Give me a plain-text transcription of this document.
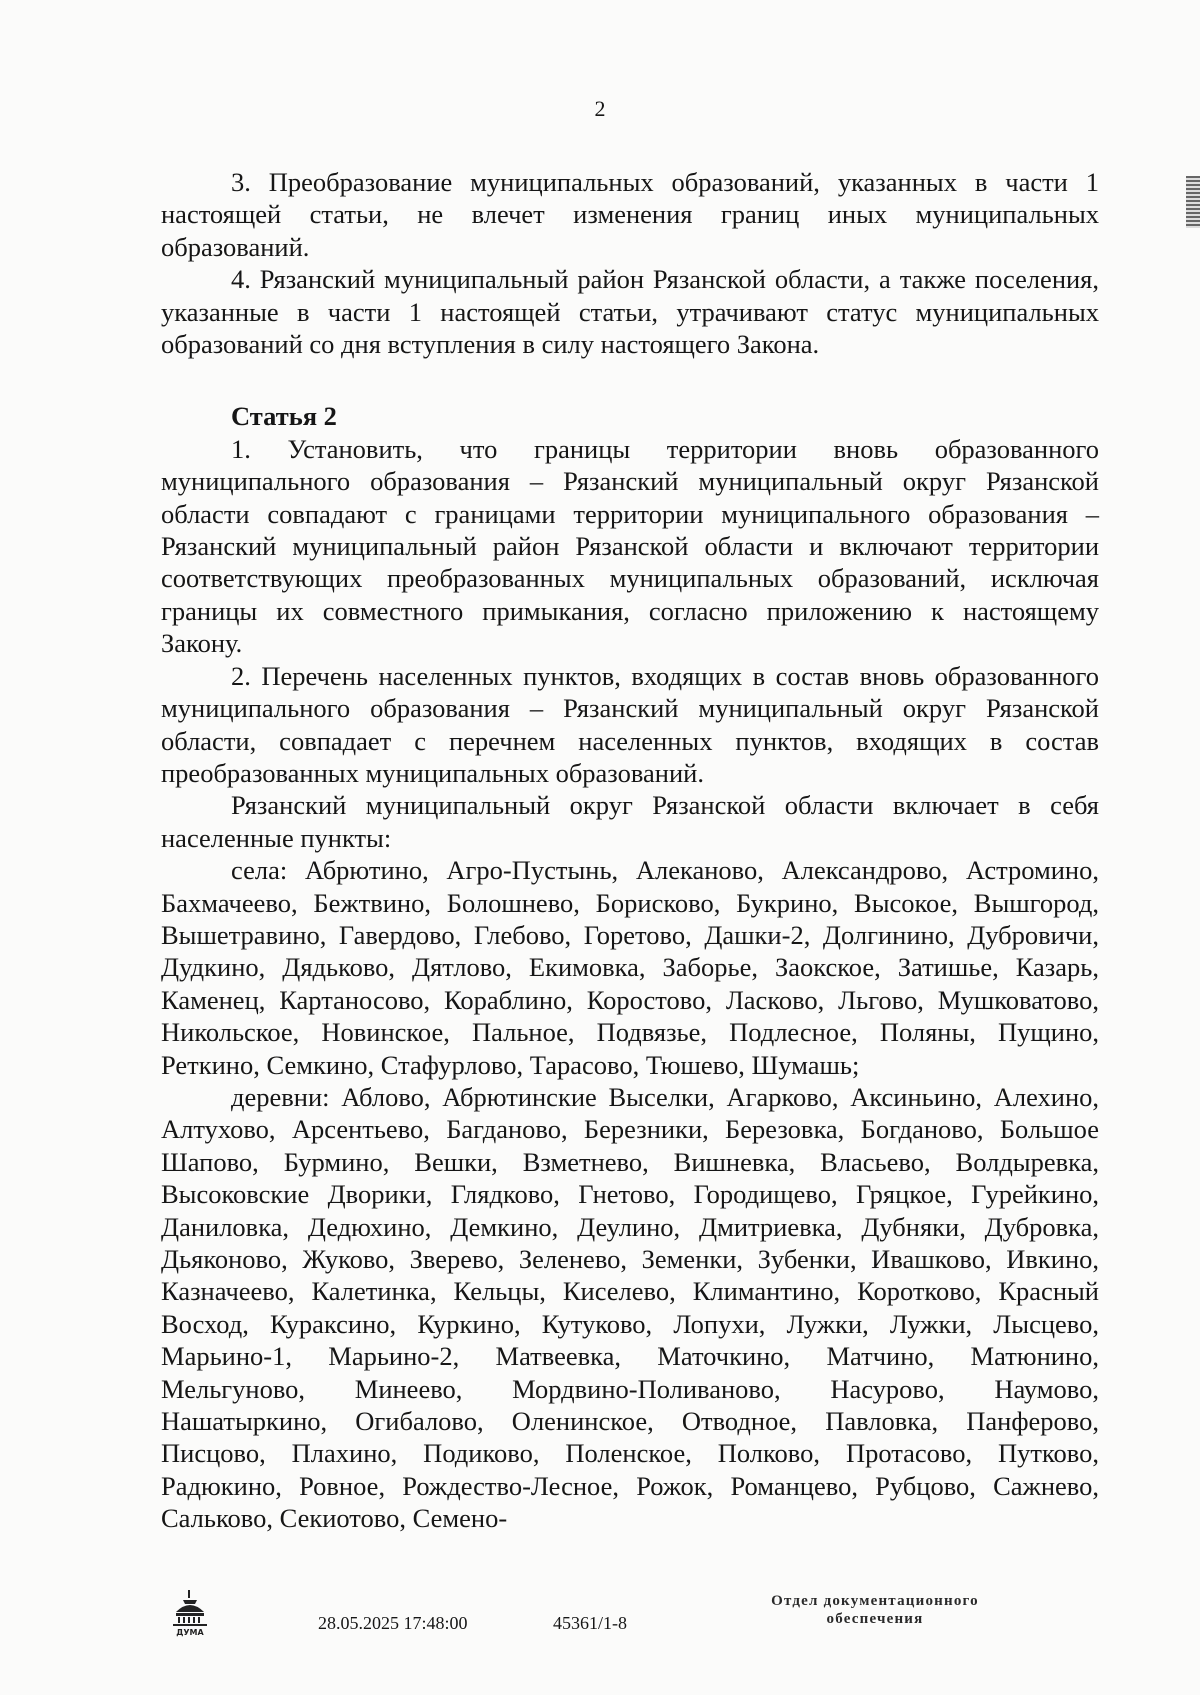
2

3. Преобразование муниципальных образований, указанных в части 1 настоящей статьи, не влечет изменения границ иных муниципальных образований.

4. Рязанский муниципальный район Рязанской области, а также поселения, указанные в части 1 настоящей статьи, утрачивают статус муниципальных образований со дня вступления в силу настоящего Закона.

Статья 2

1. Установить, что границы территории вновь образованного муниципального образования – Рязанский муниципальный округ Рязанской области совпадают с границами территории муниципального образования – Рязанский муниципальный район Рязанской области и включают территории соответствующих преобразованных муниципальных образований, исключая границы их совместного примыкания, согласно приложению к настоящему Закону.

2. Перечень населенных пунктов, входящих в состав вновь образованного муниципального образования – Рязанский муниципальный округ Рязанской области, совпадает с перечнем населенных пунктов, входящих в состав преобразованных муниципальных образований.

Рязанский муниципальный округ Рязанской области включает в себя населенные пункты:

села: Абрютино, Агро-Пустынь, Алеканово, Александрово, Астромино, Бахмачеево, Бежтвино, Болошнево, Борисково, Букрино, Высокое, Вышгород, Вышетравино, Гавердово, Глебово, Горетово, Дашки-2, Долгинино, Дубровичи, Дудкино, Дядьково, Дятлово, Екимовка, Заборье, Заокское, Затишье, Казарь, Каменец, Картаносово, Кораблино, Коростово, Ласково, Льгово, Мушковатово, Никольское, Новинское, Пальное, Подвязье, Подлесное, Поляны, Пущино, Реткино, Семкино, Стафурлово, Тарасово, Тюшево, Шумашь;

деревни: Аблово, Абрютинские Выселки, Агарково, Аксиньино, Алехино, Алтухово, Арсентьево, Багданово, Березники, Березовка, Богданово, Большое Шапово, Бурмино, Вешки, Взметнево, Вишневка, Власьево, Волдыревка, Высоковские Дворики, Глядково, Гнетово, Городищево, Гряцкое, Гурейкино, Даниловка, Дедюхино, Демкино, Деулино, Дмитриевка, Дубняки, Дубровка, Дьяконово, Жуково, Зверево, Зеленево, Земенки, Зубенки, Ивашково, Ивкино, Казначеево, Калетинка, Кельцы, Киселево, Климантино, Коротково, Красный Восход, Кураксино, Куркино, Кутуково, Лопухи, Лужки, Лужки, Лысцево, Марьино-1, Марьино-2, Матвеевка, Маточкино, Матчино, Матюнино, Мельгуново, Минеево, Мордвино-Поливаново, Насурово, Наумово, Нашатыркино, Огибалово, Оленинское, Отводное, Павловка, Панферово, Писцово, Плахино, Подиково, Поленское, Полково, Протасово, Путково, Радюкино, Ровное, Рождество-Лесное, Рожок, Романцево, Рубцово, Сажнево, Сальково, Секиотово, Семено-

ДУМА	28.05.2025 17:48:00	45361/1-8
Отдел документационного
обеспечения
